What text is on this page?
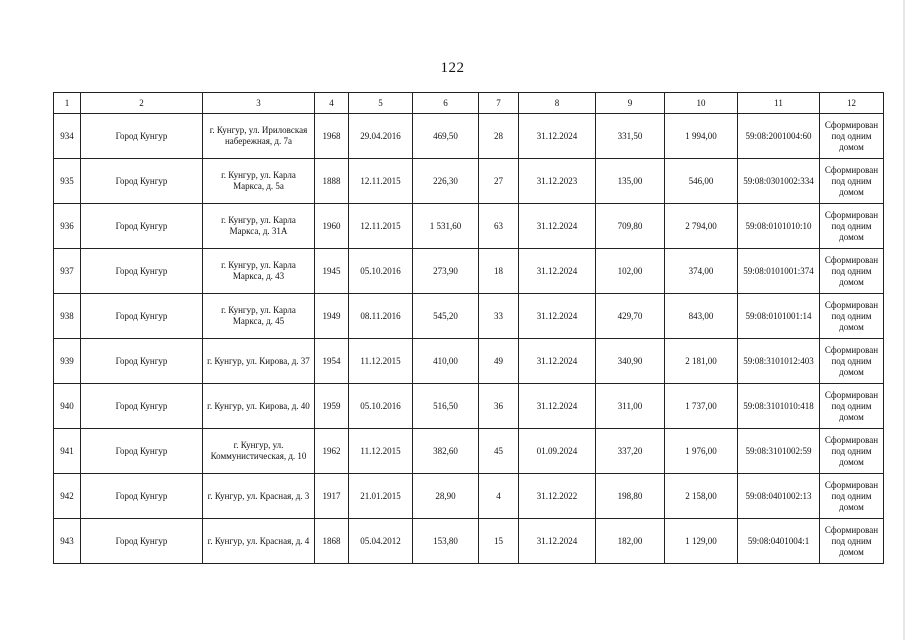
122
1	2	3	4	5	6	7	8	9	10	11	12
934	Город Кунгур	г. Кунгур, ул. Ириловская набережная, д. 7а	1968	29.04.2016	469,50	28	31.12.2024	331,50	1 994,00	59:08:2001004:60	Сформирован под одним домом
935	Город Кунгур	г. Кунгур, ул. Карла Маркса, д. 5а	1888	12.11.2015	226,30	27	31.12.2023	135,00	546,00	59:08:0301002:334	Сформирован под одним домом
936	Город Кунгур	г. Кунгур, ул. Карла Маркса, д. 31А	1960	12.11.2015	1 531,60	63	31.12.2024	709,80	2 794,00	59:08:0101010:10	Сформирован под одним домом
937	Город Кунгур	г. Кунгур, ул. Карла Маркса, д. 43	1945	05.10.2016	273,90	18	31.12.2024	102,00	374,00	59:08:0101001:374	Сформирован под одним домом
938	Город Кунгур	г. Кунгур, ул. Карла Маркса, д. 45	1949	08.11.2016	545,20	33	31.12.2024	429,70	843,00	59:08:0101001:14	Сформирован под одним домом
939	Город Кунгур	г. Кунгур, ул. Кирова, д. 37	1954	11.12.2015	410,00	49	31.12.2024	340,90	2 181,00	59:08:3101012:403	Сформирован под одним домом
940	Город Кунгур	г. Кунгур, ул. Кирова, д. 40	1959	05.10.2016	516,50	36	31.12.2024	311,00	1 737,00	59:08:3101010:418	Сформирован под одним домом
941	Город Кунгур	г. Кунгур, ул. Коммунистическая, д. 10	1962	11.12.2015	382,60	45	01.09.2024	337,20	1 976,00	59:08:3101002:59	Сформирован под одним домом
942	Город Кунгур	г. Кунгур, ул. Красная, д. 3	1917	21.01.2015	28,90	4	31.12.2022	198,80	2 158,00	59:08:0401002:13	Сформирован под одним домом
943	Город Кунгур	г. Кунгур, ул. Красная, д. 4	1868	05.04.2012	153,80	15	31.12.2024	182,00	1 129,00	59:08:0401004:1	Сформирован под одним домом
